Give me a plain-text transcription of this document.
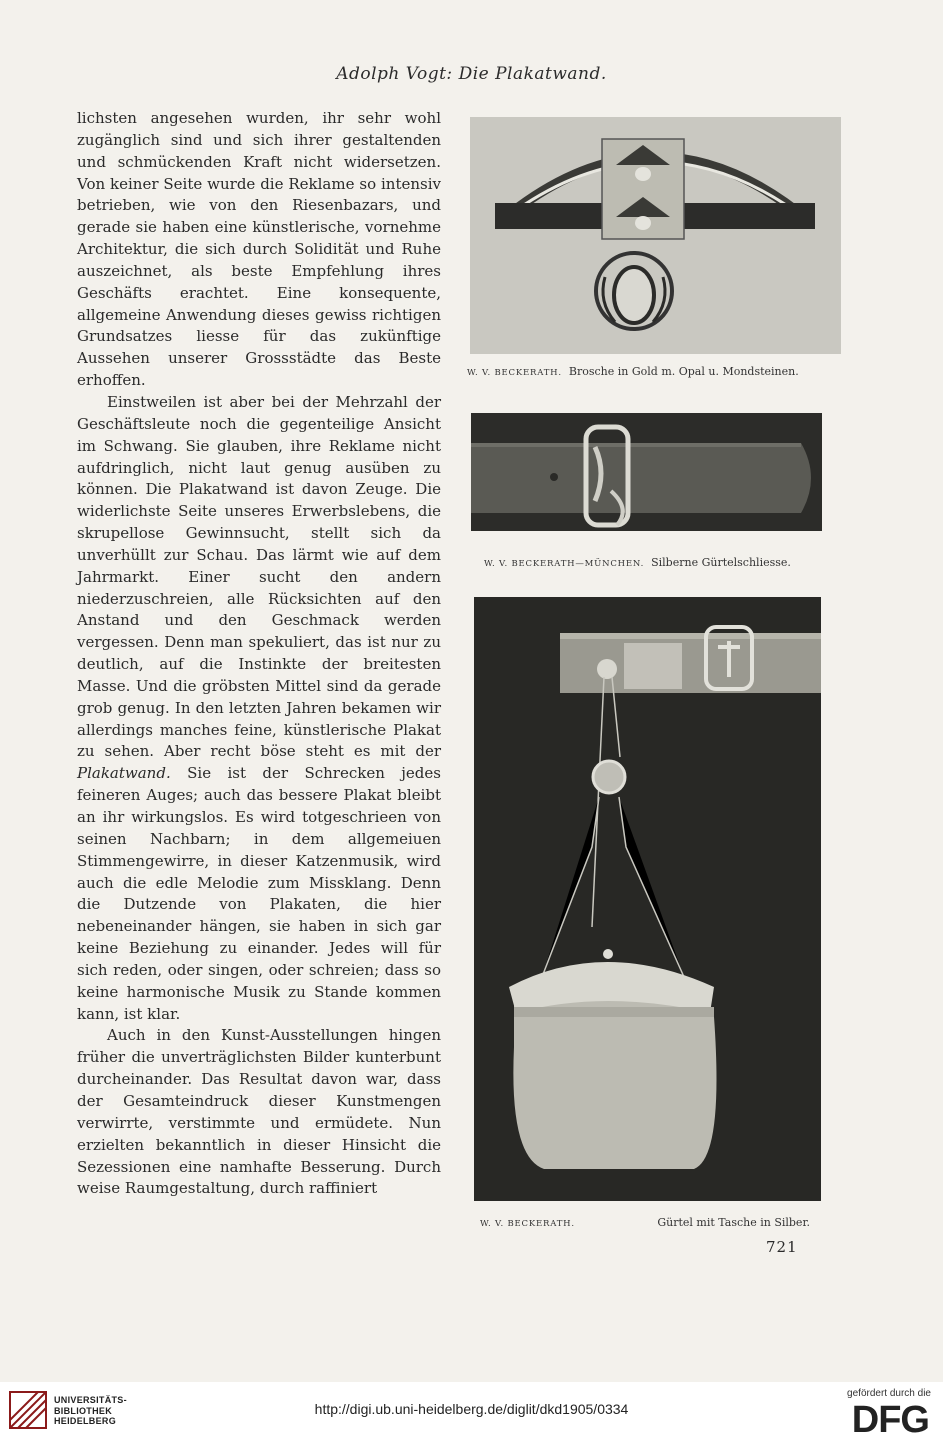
Adolph Vogt: Die Plakatwand.

lichsten angesehen wurden, ihr sehr wohl zugänglich sind und sich ihrer gestaltenden und schmückenden Kraft nicht widersetzen. Von keiner Seite wurde die Reklame so intensiv betrieben, wie von den Riesenbazars, und gerade sie haben eine künstlerische, vornehme Architektur, die sich durch Solidität und Ruhe auszeichnet, als beste Empfehlung ihres Geschäfts erachtet. Eine konsequente, allgemeine Anwendung dieses gewiss richtigen Grundsatzes liesse für das zukünftige Aussehen unserer Grossstädte das Beste erhoffen.

Einstweilen ist aber bei der Mehrzahl der Geschäftsleute noch die gegenteilige Ansicht im Schwang. Sie glauben, ihre Reklame nicht aufdringlich, nicht laut genug ausüben zu können. Die Plakatwand ist davon Zeuge. Die widerlichste Seite unseres Erwerbslebens, die skrupellose Gewinnsucht, stellt sich da unverhüllt zur Schau. Das lärmt wie auf dem Jahrmarkt. Einer sucht den andern niederzuschreien, alle Rücksichten auf den Anstand und den Geschmack werden vergessen. Denn man spekuliert, das ist nur zu deutlich, auf die Instinkte der breitesten Masse. Und die gröbsten Mittel sind da gerade grob genug. In den letzten Jahren bekamen wir allerdings manches feine, künstlerische Plakat zu sehen. Aber recht böse steht es mit der Plakatwand. Sie ist der Schrecken jedes feineren Auges; auch das bessere Plakat bleibt an ihr wirkungslos. Es wird totgeschrieen von seinen Nachbarn; in dem allgemeiuen Stimmengewirre, in dieser Katzenmusik, wird auch die edle Melodie zum Missklang. Denn die Dutzende von Plakaten, die hier nebeneinander hängen, sie haben in sich gar keine Beziehung zu einander. Jedes will für sich reden, oder singen, oder schreien; dass so keine harmonische Musik zu Stande kommen kann, ist klar.

Auch in den Kunst-Ausstellungen hingen früher die unverträglichsten Bilder kunterbunt durcheinander. Das Resultat davon war, dass der Gesamteindruck dieser Kunstmengen verwirrte, verstimmte und ermüdete. Nun erzielten bekanntlich in dieser Hinsicht die Sezessionen eine namhafte Besserung. Durch weise Raumgestaltung, durch raffiniert

W. V. BECKERATH. Brosche in Gold m. Opal u. Mondsteinen.
W. V. BECKERATH—MÜNCHEN. Silberne Gürtelschliesse.
W. V. BECKERATH.	Gürtel mit Tasche in Silber.
721
UNIVERSITÄTS-
BIBLIOTHEK
HEIDELBERG
http://digi.ub.uni-heidelberg.de/diglit/dkd1905/0334
gefördert durch die
DFG
